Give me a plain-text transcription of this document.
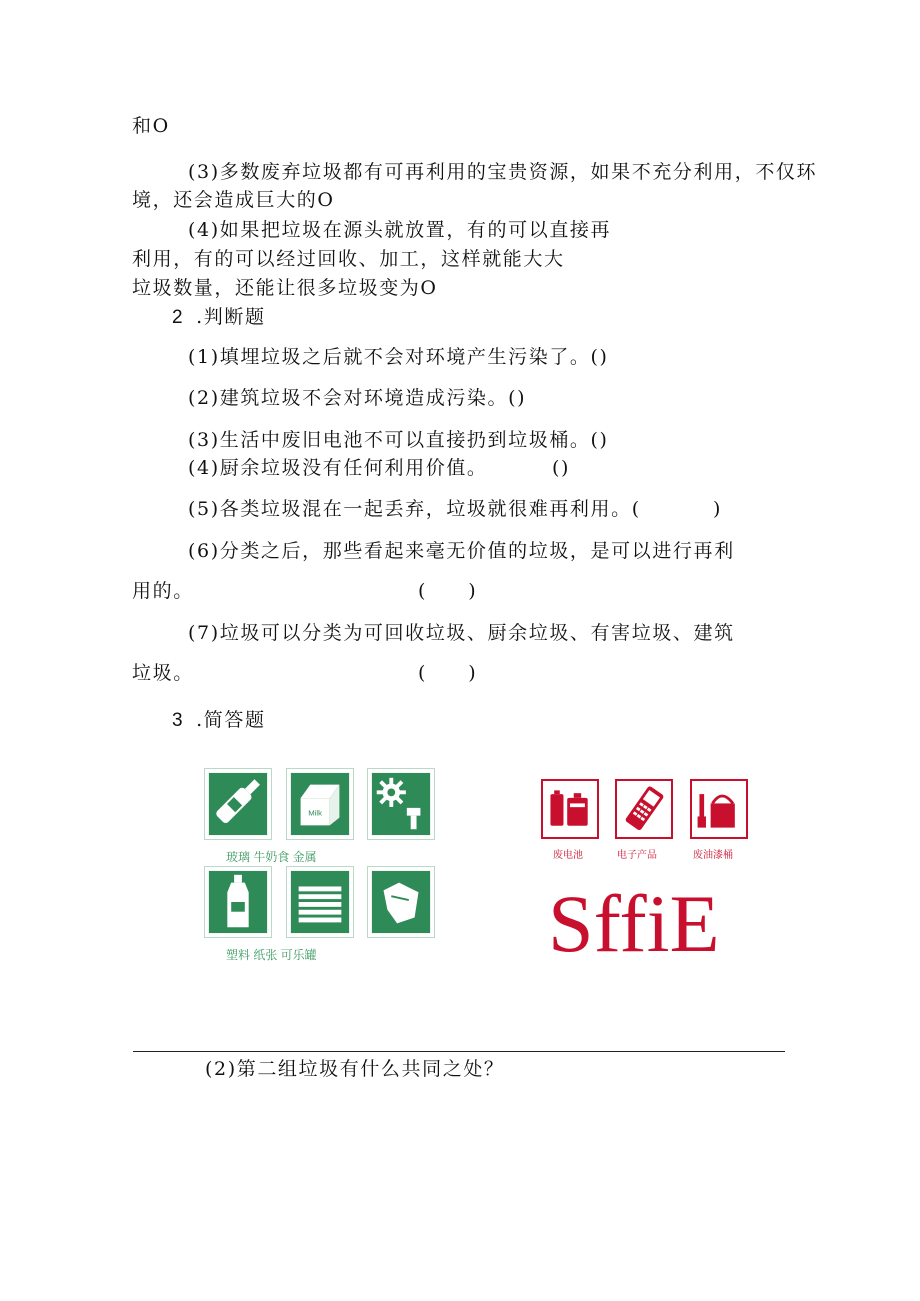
和O
(3)多数废弃垃圾都有可再利用的宝贵资源，如果不充分利用，不仅环
境，还会造成巨大的O
(4)如果把垃圾在源头就放置，有的可以直接再
利用，有的可以经过回收、加工，这样就能大大
垃圾数量，还能让很多垃圾变为O
2 .判断题
(1)填埋垃圾之后就不会对环境产生污染了。()
(2)建筑垃圾不会对环境造成污染。()
(3)生活中废旧电池不可以直接扔到垃圾桶。()
(4)厨余垃圾没有任何利用价值。	()
(5)各类垃圾混在一起丢弃，垃圾就很难再利用。(	)
(6)分类之后，那些看起来毫无价值的垃圾，是可以进行再利
用的。	(　　)
(7)垃圾可以分类为可回收垃圾、厨余垃圾、有害垃圾、建筑
垃圾。	(　　)
3 .简答题
Milk
玻璃 牛奶食 金属
塑料 纸张 可乐罐
废电池	电子产品	废油漆桶
SffiE
(2)第二组垃圾有什么共同之处？
